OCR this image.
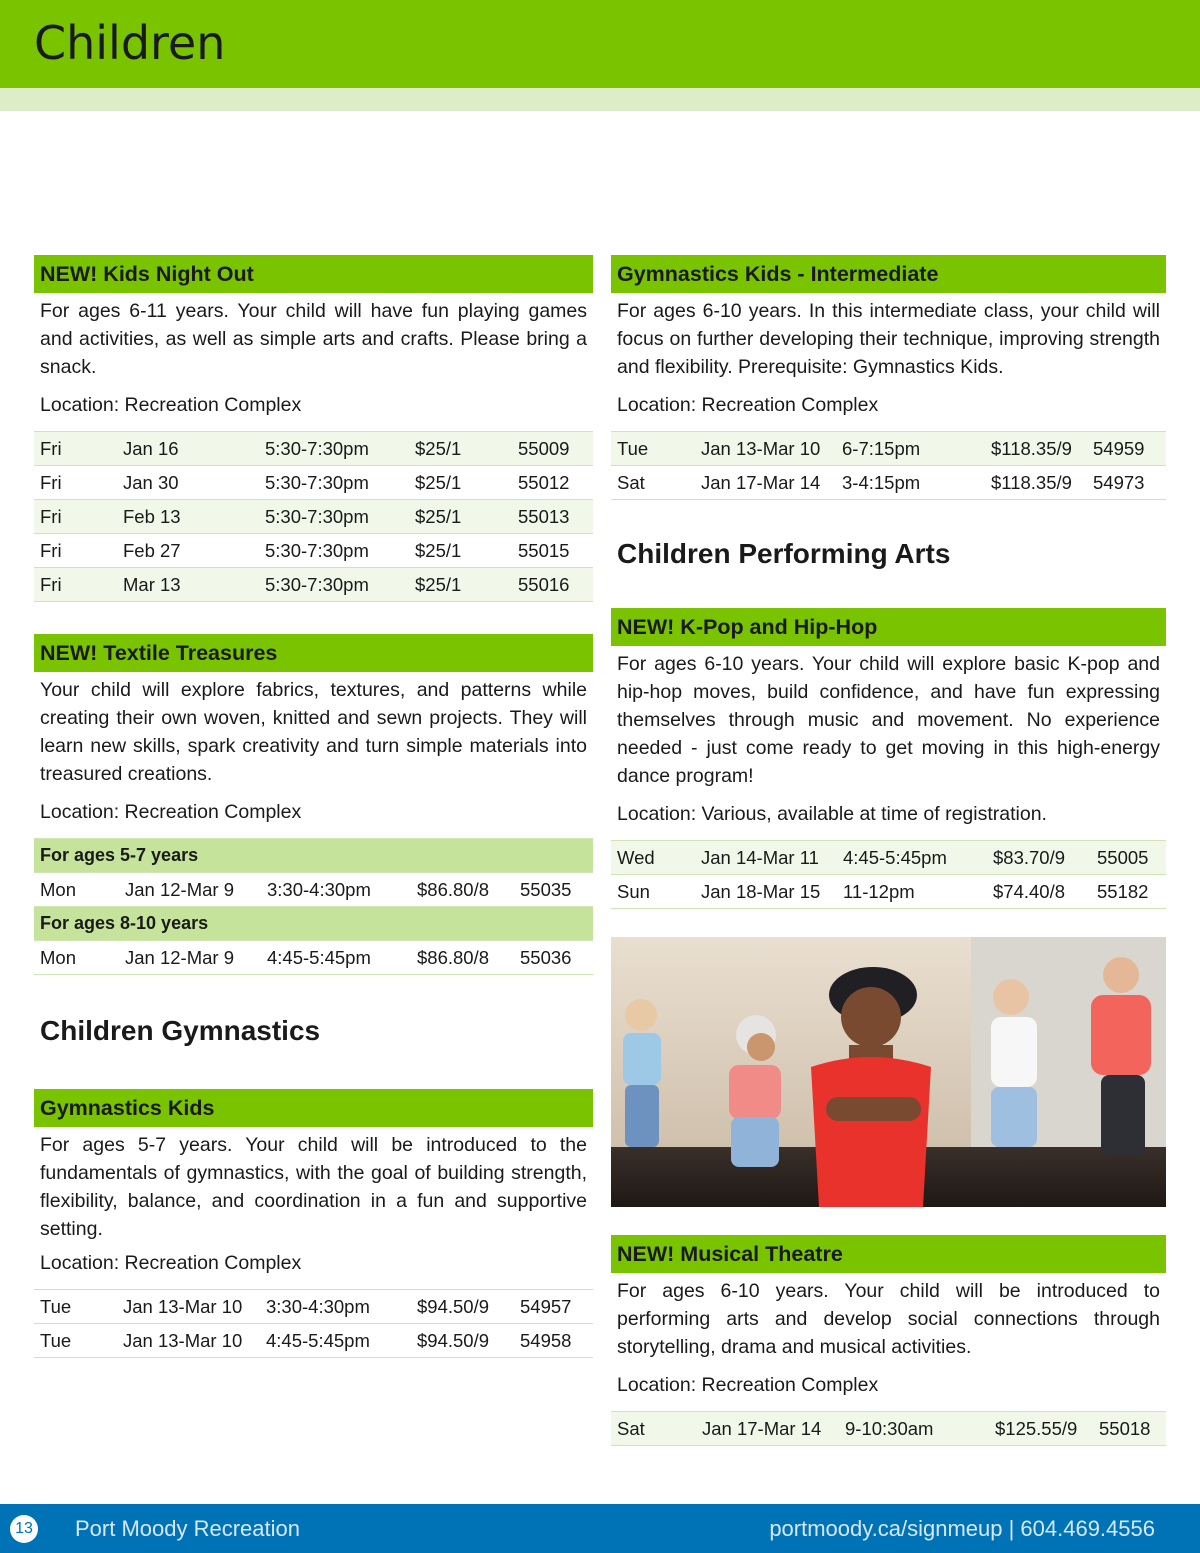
Children
NEW! Kids Night Out
For ages 6-11 years. Your child will have fun playing games and activities, as well as simple arts and crafts. Please bring a snack.
Location: Recreation Complex
Fri	Jan 16	5:30-7:30pm	$25/1	55009
Fri	Jan 30	5:30-7:30pm	$25/1	55012
Fri	Feb 13	5:30-7:30pm	$25/1	55013
Fri	Feb 27	5:30-7:30pm	$25/1	55015
Fri	Mar 13	5:30-7:30pm	$25/1	55016
NEW! Textile Treasures
Your child will explore fabrics, textures, and patterns while creating their own woven, knitted and sewn projects. They will learn new skills, spark creativity and turn simple materials into treasured creations.
Location: Recreation Complex
For ages 5-7 years				
Mon	Jan 12-Mar 9	3:30-4:30pm	$86.80/8	55035
For ages 8-10 years				
Mon	Jan 12-Mar 9	4:45-5:45pm	$86.80/8	55036
Children Gymnastics
Gymnastics Kids
For ages 5-7 years. Your child will be introduced to the fundamentals of gymnastics, with the goal of building strength, flexibility, balance, and coordination in a fun and supportive setting.
Location: Recreation Complex
Tue	Jan 13-Mar 10	3:30-4:30pm	$94.50/9	54957
Tue	Jan 13-Mar 10	4:45-5:45pm	$94.50/9	54958
Gymnastics Kids - Intermediate
For ages 6-10 years. In this intermediate class, your child will focus on further developing their technique, improving strength and flexibility. Prerequisite: Gymnastics Kids.
Location: Recreation Complex
Tue	Jan 13-Mar 10	6-7:15pm	$118.35/9	54959
Sat	Jan 17-Mar 14	3-4:15pm	$118.35/9	54973
Children Performing Arts
NEW! K-Pop and Hip-Hop
For ages 6-10 years. Your child will explore basic K-pop and hip-hop moves, build confidence, and have fun expressing themselves through music and movement. No experience needed - just come ready to get moving in this high-energy dance program!
Location: Various, available at time of registration.
Wed	Jan 14-Mar 11	4:45-5:45pm	$83.70/9	55005
Sun	Jan 18-Mar 15	11-12pm	$74.40/8	55182
NEW! Musical Theatre
For ages 6-10 years. Your child will be introduced to performing arts and develop social connections through storytelling, drama and musical activities.
Location: Recreation Complex
Sat	Jan 17-Mar 14	9-10:30am	$125.55/9	55018
13 Port Moody Recreation	portmoody.ca/signmeup | 604.469.4556
